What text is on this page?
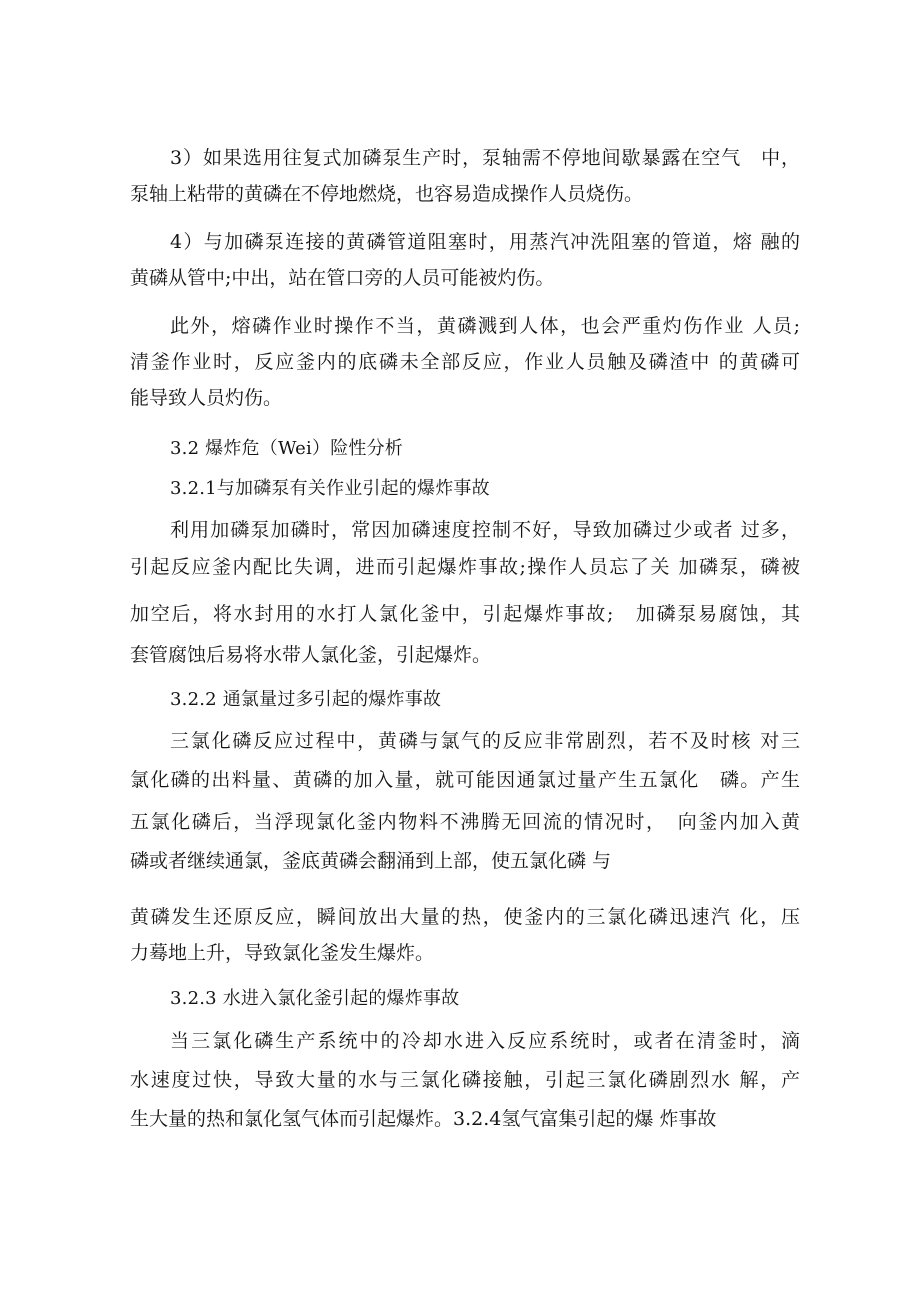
3）如果选用往复式加磷泵生产时，泵轴需不停地间歇暴露在空气　中，
泵轴上粘带的黄磷在不停地燃烧，也容易造成操作人员烧伤。
4）与加磷泵连接的黄磷管道阻塞时，用蒸汽冲洗阻塞的管道，熔 融的
黄磷从管中;中出，站在管口旁的人员可能被灼伤。
此外，熔磷作业时操作不当，黄磷溅到人体，也会严重灼伤作业 人员;
清釜作业时，反应釜内的底磷未全部反应，作业人员触及磷渣中 的黄磷可
能导致人员灼伤。
3.2 爆炸危（Wei）险性分析
3.2.1与加磷泵有关作业引起的爆炸事故
利用加磷泵加磷时，常因加磷速度控制不好，导致加磷过少或者 过多，
引起反应釜内配比失调，进而引起爆炸事故;操作人员忘了关 加磷泵，磷被
加空后，将水封用的水打人氯化釜中，引起爆炸事故;　加磷泵易腐蚀，其
套管腐蚀后易将水带人氯化釜，引起爆炸。
3.2.2 通氯量过多引起的爆炸事故
三氯化磷反应过程中，黄磷与氯气的反应非常剧烈，若不及时核 对三
氯化磷的出料量、黄磷的加入量，就可能因通氯过量产生五氯化　磷。产生
五氯化磷后，当浮现氯化釜内物料不沸腾无回流的情况时，　向釜内加入黄
磷或者继续通氯，釜底黄磷会翻涌到上部，使五氯化磷 与
黄磷发生还原反应，瞬间放出大量的热，使釜内的三氯化磷迅速汽 化，压
力蓦地上升，导致氯化釜发生爆炸。
3.2.3 水进入氯化釜引起的爆炸事故
当三氯化磷生产系统中的冷却水进入反应系统时，或者在清釜时，滴
水速度过快，导致大量的水与三氯化磷接触，引起三氯化磷剧烈水 解，产
生大量的热和氯化氢气体而引起爆炸。3.2.4氢气富集引起的爆 炸事故
